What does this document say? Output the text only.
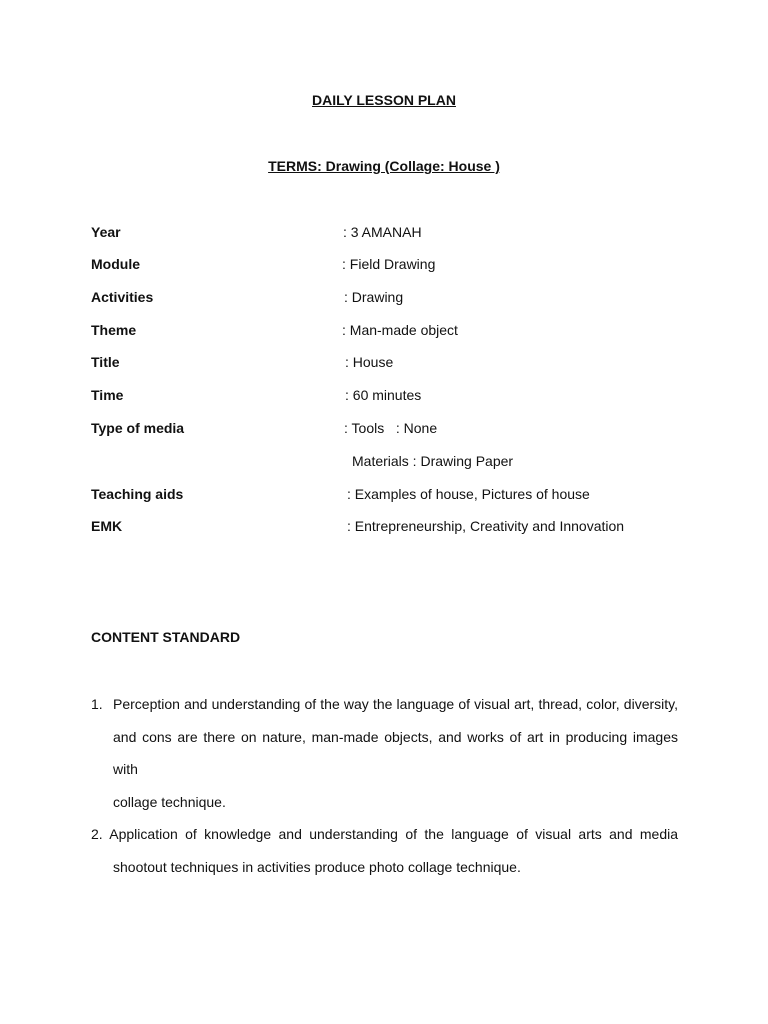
DAILY LESSON PLAN
TERMS: Drawing (Collage: House )
Year	: 3 AMANAH
Module	: Field Drawing
Activities	: Drawing
Theme	: Man-made object
Title	: House
Time	: 60 minutes
Type of media	: Tools   : None
Materials : Drawing Paper
Teaching aids	: Examples of house, Pictures of house
EMK	: Entrepreneurship, Creativity and Innovation
CONTENT STANDARD
1. Perception and understanding of the way the language of visual art, thread, color, diversity,
and cons are there on nature, man-made objects, and works of art in producing images with
collage technique.
2. Application of knowledge and understanding of the language of visual arts and media
shootout techniques in activities produce photo collage technique.
